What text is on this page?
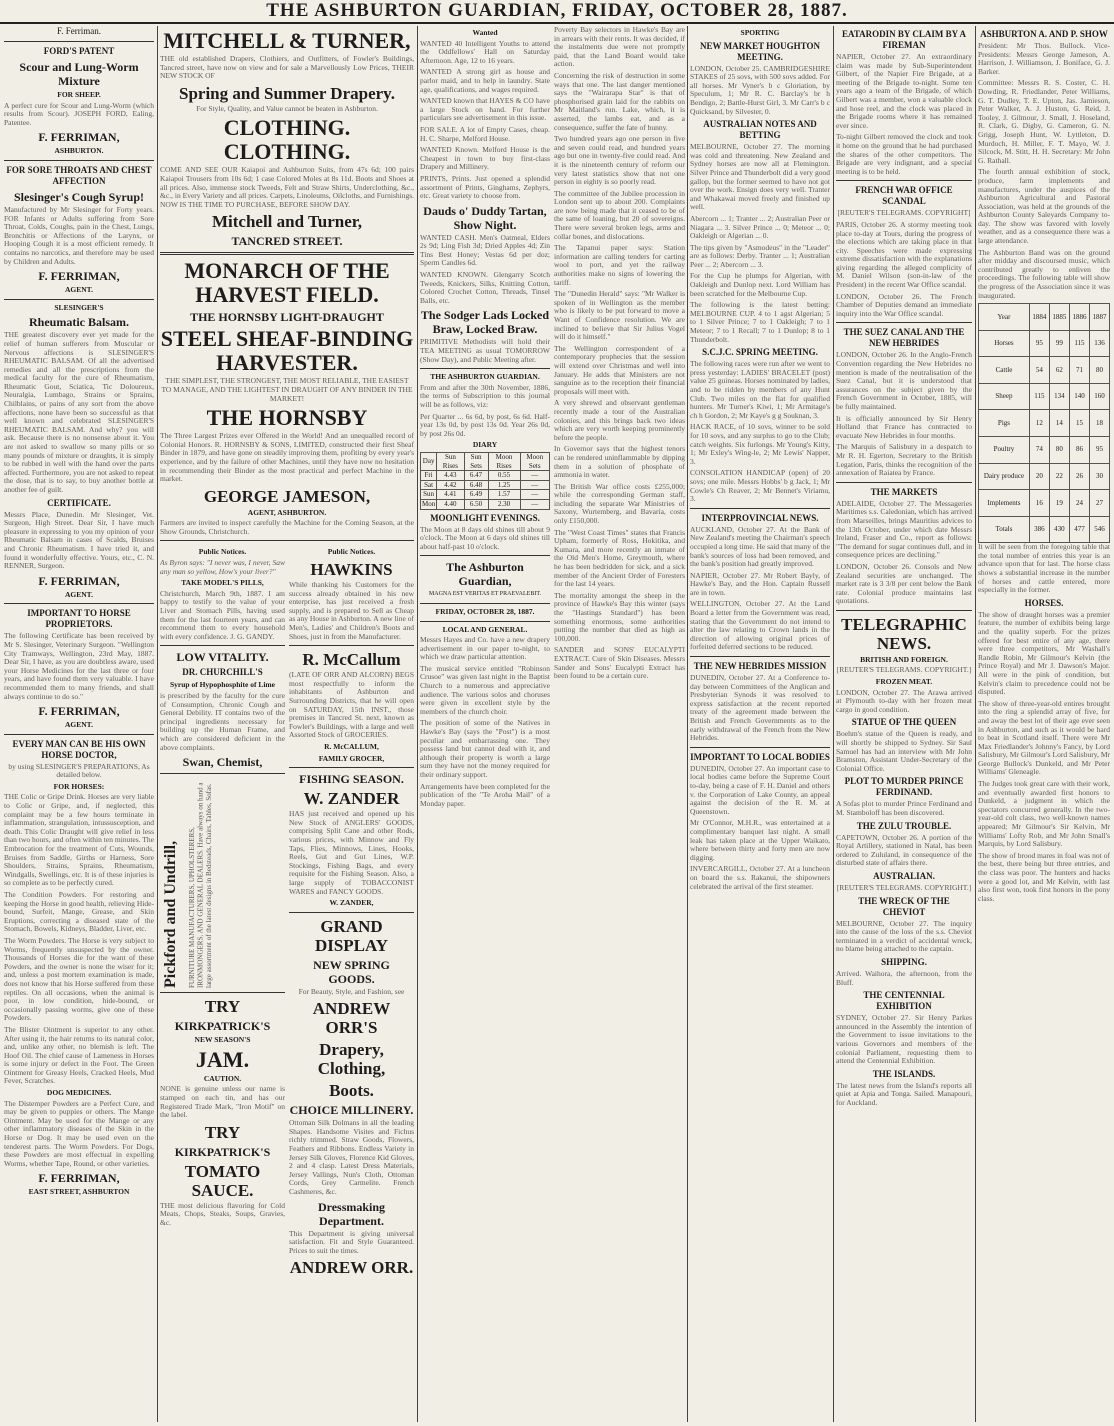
THE ASHBURTON GUARDIAN, FRIDAY, OCTOBER 28, 1887.
F. Ferriman.
FORD'S PATENT
Scour and Lung-Worm Mixture
FOR SHEEP.

A perfect cure for Scour and Lung-Worm (which results from Scour). JOSEPH FORD, Ealing, Patentee.

F. FERRIMAN,
ASHBURTON.
FOR SORE THROATS AND CHEST AFFECTION
Slesinger's Cough Syrup!

Manufactured by Mr Slesinger for Forty years. FOR Infants or Adults suffering from Sore Throat, Colds, Coughs, pain in the Chest, Lungs, Bronchitis or Affections of the Larynx, or Hooping Cough it is a most efficient remedy. It contains no narcotics, and therefore may be used by Children and Adults.

F. FERRIMAN,
AGENT.
SLESINGER'S
Rheumatic Balsam.

THE greatest discovery ever yet made for the relief of human sufferers from Muscular or Nervous affections is SLESINGER'S RHEUMATIC BALSAM. Of all the advertised remedies and all the prescriptions from the medical faculty for the cure of Rheumatism, Rheumatic Gout, Sciatica, Tic Doloureux, Neuralgia, Lumbago, Strains or Sprains, Chilblains, or pains of any sort from the above affections, none have been so successful as that well known and celebrated SLESINGER'S RHEUMATIC BALSAM. And why? you will ask. Because there is no nonsense about it. You are not asked to swallow so many pills or so many pounds of mixture or draughts, it is simply to be rubbed in well with the hand over the parts affected. Furthermore, you are not asked to repeat the dose, that is to say, to buy another bottle at another fee of guilt.

CERTIFICATE.

Messrs Place, Dunedin. Mr Slesinger, Vet. Surgeon, High Street. Dear Sir, I have much pleasure in expressing to you my opinion of your Rheumatic Balsam in cases of Scalds, Bruises and Chronic Rheumatism. I have tried it, and found it wonderfully effective. Yours, etc., C. N. RENNER, Surgeon.

F. FERRIMAN,
AGENT.
IMPORTANT TO HORSE PROPRIETORS.

The following Certificate has been received by Mr S. Slesinger, Veterinary Surgeon. "Wellington City Tramways, Wellington, 23rd May, 1887. Dear Sir, I have, as you are doubtless aware, used your Horse Medicines for the last three or four years, and have found them very valuable. I have recommended them to many friends, and shall always continue to do so."

F. FERRIMAN,
AGENT.
EVERY MAN CAN BE HIS OWN HORSE DOCTOR,

by using SLESINGER'S PREPARATIONS, As detailed below.

FOR HORSES:

THE Colic or Gripe Drink. Horses are very liable to Colic or Gripe, and, if neglected, this complaint may be a few hours terminate in inflammation, strangulation, intussusception, and death. This Colic Draught will give relief in less than two hours, and often within ten minutes. The Embrocation for the treatment of Cuts, Wounds, Bruises from Saddle, Girths or Harness, Sore Shoulders, Strains, Sprains, Rheumatism, Windgalls, Swellings, etc. It is of these injuries is so complete as to be perfectly cured.

The Condition Powders. For restoring and keeping the Horse in good health, relieving Hide-bound, Surfeit, Mange, Grease, and Skin Eruptions, correcting a diseased state of the Stomach, Bowels, Kidneys, Bladder, Liver, etc.

The Worm Powders. The Horse is very subject to Worms, frequently unsuspected by the owner. Thousands of Horses die for the want of these Powders, and the owner is none the wiser for it; and, unless a post mortem examination is made, does not know that his Horse suffered from these reptiles. On all occasions, when the animal is poor, in low condition, hide-bound, or occasionally passing worms, give one of these Powders.

The Blister Ointment is superior to any other. After using it, the hair returns to its natural color, and, unlike any other, no blemish is left. The Hoof Oil. The chief cause of Lameness in Horses is some injury or defect in the Foot. The Green Ointment for Greasy Heels, Cracked Heels, Mud Fever, Scratches.

DOG MEDICINES.

The Distemper Powders are a Perfect Cure, and may be given to puppies or others. The Mange Ointment. May be used for the Mange or any other inflammatory diseases of the Skin in the Horse or Dog. It may be used even on the tenderest parts. The Worm Powders. For Dogs, these Powders are most effectual in expelling Worms, whether Tape, Round, or other varieties.

F. FERRIMAN,
EAST STREET, ASHBURTON
MITCHELL & TURNER,

THE old established Drapers, Clothiers, and Outfitters, of Fowler's Buildings, Tancred street, have now on view and for sale a Marvellously Low Prices, THEIR NEW STOCK OF

Spring and Summer Drapery.

For Style, Quality, and Value cannot be beaten in Ashburton.

CLOTHING. CLOTHING.

COME AND SEE OUR Kaiapoi and Ashburton Suits, from 47s 6d; 100 pairs Kaiapoi Trousers from 10s 6d; 1 case Colored Moles at 8s 11d. Boots and Shoes at all prices. Also, immense stock Tweeds, Felt and Straw Shirts, Underclothing, &c., &c., in Every Variety and all prices. Carpets, Linoleums, Oilcloths, and Furnishings. NOW IS THE TIME TO PURCHASE, BEFORE SHOW DAY.

Mitchell and Turner,
TANCRED STREET.
MONARCH OF THE HARVEST FIELD.
THE HORNSBY LIGHT-DRAUGHT
STEEL SHEAF-BINDING HARVESTER.

THE SIMPLEST, THE STRONGEST, THE MOST RELIABLE, THE EASIEST TO MANAGE, AND THE LIGHTEST IN DRAUGHT OF ANY BINDER IN THE MARKET!

THE HORNSBY

The Three Largest Prizes ever Offered in the World! And an unequalled record of Colonial Honors. R. HORNSBY & SONS, LIMITED, constructed their first Sheaf Binder in 1879, and have gone on steadily improving them, profiting by every year's experience, and by the failure of other Machines, until they have now no hesitation in recommending their Binder as the most practical and perfect Machine in the market.

GEORGE JAMESON,
AGENT, ASHBURTON.

Farmers are invited to inspect carefully the Machine for the Coming Season, at the Show Grounds, Christchurch.

Public Notices.

As Byron says: "I never was, I never, Saw any man so yellow, How's your liver?"

TAKE MODEL'S PILLS,

Christchurch, March 9th, 1887. I am happy to testify to the value of your Liver and Stomach Pills, having used them for the last fourteen years, and can recommend them to every household with every confidence. J. G. GANDY.

LOW VITALITY.
DR. CHURCHILL'S
Syrup of Hypophosphite of Lime

is prescribed by the faculty for the cure of Consumption, Chronic Cough and General Debility. IT contains two of the principal ingredients necessary for building up the Human Frame, and which are considered deficient in the above complaints.

Swan, Chemist,
Pickford and Undrill, FURNITURE MANUFACTURERS, UPHOLSTERERS, IRONMONGERS, AND GENERAL DEALERS. Have always on hand a large assortment of the latest designs in Bedsteads, Chairs, Tables, Sofas.
TRY
KIRKPATRICK'S
NEW SEASON'S
JAM.
CAUTION.

NONE is genuine unless our name is stamped on each tin, and has our Registered Trade Mark, "Iron Motif" on the label.

TRY
KIRKPATRICK'S
TOMATO SAUCE.

THE most delicious flavoring for Cold Meats, Chops, Steaks, Soups, Gravies, &c.

Public Notices.
HAWKINS

While thanking his Customers for the success already obtained in his new enterprise, has just received a fresh supply, and is prepared to Sell as Cheap as any House in Ashburton. A new line of Men's, Ladies' and Children's Boots and Shoes, just in from the Manufacturer.

R. McCallum

(LATE OF ORR AND ALCORN) BEGS most respectfully to inform the inhabitants of Ashburton and Surrounding Districts, that he will open on SATURDAY, 15th INST., those premises in Tancred St. next, known as Fowler's Buildings, with a large and well Assorted Stock of GROCERIES.

R. McCALLUM,
FAMILY GROCER,
FISHING SEASON.
W. ZANDER

HAS just received and opened up his New Stock of ANGLERS' GOODS, comprising Split Cane and other Rods, various prices, with Minnow and Fly Taps, Flies, Minnows, Lines, Hooks, Reels, Gut and Gut Lines, W.P. Stockings, Fishing Bags, and every requisite for the Fishing Season. Also, a large supply of TOBACCONIST WARES and FANCY GOODS.

W. ZANDER,
GRAND DISPLAY
NEW SPRING GOODS.

For Beauty, Style, and Fashion, see

ANDREW ORR'S
Drapery, Clothing,
Boots.
CHOICE MILLINERY.

Ottoman Silk Dolmans in all the leading Shapes. Handsome Visites and Fichus richly trimmed. Straw Goods, Flowers, Feathers and Ribbons. Endless Variety in Jersey Silk Gloves, Florence Kid Gloves, 2 and 4 clasp. Latest Dress Materials, Jersey Vallings, Nun's Cloth, Ottoman Cords, Grey Carmelite. French Cashmeres, &c.

Dressmaking Department.

This Department is giving universal satisfaction. Fit and Style Guaranteed. Prices to suit the times.

ANDREW ORR.
Wanted

WANTED 40 Intelligent Youths to attend the Oddfellows' Hall on Saturday Afternoon. Age, 12 to 16 years.

WANTED A strong girl as house and parlor maid, and to help in laundry. State age, qualifications, and wages required.

WANTED known that HAYES & CO have a large Stock on hand. For further particulars see advertisement in this issue.

FOR SALE. A lot of Empty Cases, cheap. H. C. Sharpe, Melford House.

WANTED Known. Melford House is the Cheapest in town to buy first-class Drapery and Millinery.

PRINTS, Prints. Just opened a splendid assortment of Prints, Ginghams, Zephyrs, etc. Great variety to choose from.

Dauds o' Duddy Tartan, Show Night.

WANTED CASH. Men's Oatmeal, Elders 2s 9d; Ling Fish 3d; Dried Apples 4d; Zin Tins Best Honey; Vestas 6d per doz; Sperm Candles 6d.

WANTED KNOWN. Glengarry Scotch Tweeds, Knickers, Silks, Knitting Cotton, Colored Crochet Cotton, Threads, Tinsel Balls, etc.

The Sodger Lads Locked Braw, Locked Braw.

PRIMITIVE Methodists will hold their TEA MEETING as usual TOMORROW (Show Day), and Public Meeting after.

THE ASHBURTON GUARDIAN.

From and after the 30th November, 1886, the terms of Subscription to this journal will be as follows, viz:

Per Quarter ... 6s 6d, by post, 6s 6d. Half-year 13s 0d, by post 13s 0d. Year 26s 0d, by post 26s 0d.

DIARY
Day	Sun Rises	Sun Sets	Moon Rises	Moon Sets
Fri	4.43	6.47	0.55	—
Sat	4.42	6.48	1.25	—
Sun	4.41	6.49	1.57	—
Mon	4.40	6.50	2.30	—
MOONLIGHT EVENINGS.

The Moon at 8 days old shines till about 9 o'clock. The Moon at 6 days old shines till about half-past 10 o'clock.

The Ashburton Guardian,
MAGNA EST VERITAS ET PRAEVALEBIT.
FRIDAY, OCTOBER 28, 1887.
LOCAL AND GENERAL.

Messrs Hayes and Co. have a new drapery advertisement in our paper to-night, to which we draw particular attention.

The musical service entitled "Robinson Crusoe" was given last night in the Baptist Church to a numerous and appreciative audience. The various solos and choruses were given in excellent style by the members of the church choir.

The position of some of the Natives in Hawke's Bay (says the "Post") is a most peculiar and embarrassing one. They possess land but cannot deal with it, and although their property is worth a large sum they have not the money required for their ordinary support.

Arrangements have been completed for the publication of the "Te Aroha Mail" of a Monday paper.

Poverty Bay selectors in Hawke's Bay are in arrears with their rents. It was decided, if the instalments due were not promptly paid, that the Land Board would take action.

Concerning the risk of destruction in some ways that one. The last danger mentioned says the "Wairarapa Star" is that of phosphorised grain laid for the rabbits on Mr Maitland's run. Lake, which, it is asserted, the lambs eat, and as a consequence, suffer the fate of bunny.

Two hundred years ago one person in five and seven could read, and hundred years ago but one in twenty-five could read. And it is the nineteenth century of reform our very latest statistics show that not one person in eighty is so poorly read.

The committee of the Jubilee procession in London sent up to about 200. Complaints are now being made that it ceased to be of the same of loaning, but 20 of sovereigns. There were several broken legs, arms and collar bones, and dislocations.

The Tapanui paper says: Station information are calling tenders for carting wool to port, and yet the railway authorities make no signs of lowering the tariff.

The "Dunedin Herald" says: "Mr Walker is spoken of in Wellington as the member who is likely to be put forward to move a Want of Confidence resolution. We are inclined to believe that Sir Julius Vogel will do it himself."

The Wellington correspondent of a contemporary prophecies that the session will extend over Christmas and well into January. He adds that Ministers are not sanguine as to the reception their financial proposals will meet with.

A very shrewd and observant gentleman recently made a tour of the Australian colonies, and this brings back two ideas which are very worth keeping prominently before the people.

In Governor says that the highest tenors can be rendered uninflammable by dipping them in a solution of phosphate of ammonia in water.

The British War office costs £255,000; while the corresponding German staff, including the separate War Ministries of Saxony, Wurtemberg, and Bavaria, costs only £150,000.

The "West Coast Times" states that Francis Upham, formerly of Ross, Hokitika, and Kumara, and more recently an inmate of the Old Men's Home, Greymouth, where he has been bedridden for sick, and a sick member of the Ancient Order of Foresters for the last 14 years.

The mortality amongst the sheep in the province of Hawke's Bay this winter (says the "Hastings Standard") has been something enormous, some authorities putting the number that died as high as 100,000.

SANDER and SONS' EUCALYPTI EXTRACT. Cure of Skin Diseases. Messrs Sander and Sons' Eucalypti Extract has been found to be a certain cure.

SPORTING
NEW MARKET HOUGHTON MEETING.

LONDON, October 25. CAMBRIDGESHIRE STAKES of 25 sovs, with 500 sovs added. For all horses. Mr Vyner's b c Gloriation, by Speculum, 1; Mr R. C. Barclay's br h Bendigo, 2; Battle-Hurst Girl, 3. Mr Carr's b c Quicksand, by Silvester, 0.

AUSTRALIAN NOTES AND BETTING

MELBOURNE, October 27. The morning was cold and threatening. New Zealand and Sydney horses are now all at Flemington. Silver Prince and Thunderbolt did a very good gallop, but the former seemed to have not got over the work. Ensign does very well. Tranter and Whakawai moved freely and finished up well.

Abercorn ... 1; Tranter ... 2; Australian Peer or Niagara ... 3. Silver Prince ... 0; Meteor ... 0; Oakleigh or Algerian ... 0.

The tips given by "Asmodeus" in the "Leader" are as follows: Derby. Tranter ... 1; Australian Peer ... 2; Abercorn ... 3.

For the Cup he plumps for Algerian, with Oakleigh and Dunlop next. Lord William has been scratched for the Melbourne Cup.

The following is the latest betting: MELBOURNE CUP. 4 to 1 agst Algerian; 5 to 1 Silver Prince; 7 to 1 Oakleigh; 7 to 1 Meteor; 7 to 1 Recall; 7 to 1 Dunlop; 8 to 1 Thunderbolt.

S.C.J.C. SPRING MEETING.

The following races were run after we went to press yesterday: LADIES' BRACELET (post) value 25 guineas. Horses nominated by ladies, and to be ridden by members of any Hunt Club. Two miles on the flat for qualified hunters. Mr Turner's Kiwi, 1; Mr Armitage's ch h Gordon, 2; Mr Kaye's g g Souknan, 3.

HACK RACE, of 10 sovs, winner to be sold for 10 sovs, and any surplus to go to the Club; catch weights. Six furlongs. Mr Young's Kitty, 1; Mr Exley's Wing-le, 2; Mr Lewis' Napper, 3.

CONSOLATION HANDICAP (open) of 20 sovs; one mile. Messrs Hobbs' b g Jack, 1; Mr Cowle's Ch Reaver, 2; Mr Bennet's Viriamu, 3.

INTERPROVINCIAL NEWS.

AUCKLAND, October 27. At the Bank of New Zealand's meeting the Chairman's speech occupied a long time. He said that many of the bank's sources of loss had been removed, and the bank's position had greatly improved.

NAPIER, October 27. Mr Robert Bayly, of Hawke's Bay, and the Hon. Captain Russell are in town.

WELLINGTON, October 27. At the Land Board a letter from the Government was read, stating that the Government do not intend to alter the law relating to Crown lands in the direction of allowing original prices of forfeited deferred sections to be reduced.

THE NEW HEBRIDES MISSION

DUNEDIN, October 27. At a Conference to-day between Committees of the Anglican and Presbyterian Synods it was resolved to express satisfaction at the recent reported treaty of the agreement made between the British and French Governments as to the early withdrawal of the French from the New Hebrides.

IMPORTANT TO LOCAL BODIES

DUNEDIN, October 27. An important case to local bodies came before the Supreme Court to-day, being a case of F. H. Daniel and others v. the Corporation of Lake County, an appeal against the decision of the R. M. at Queenstown.

Mr O'Connor, M.H.R., was entertained at a complimentary banquet last night. A small leak has taken place at the Upper Waikato, where between thirty and forty men are now digging.

INVERCARGILL, October 27. At a luncheon on board the s.s. Rakanui, the shipowners celebrated the arrival of the first steamer.

EATARODIN BY CLAIM BY A FIREMAN

NAPIER, October 27. An extraordinary claim was made by Sub-Superintendent Gilbert, of the Napier Fire Brigade, at a meeting of the Brigade to-night. Some ten years ago a team of the Brigade, of which Gilbert was a member, won a valuable clock and hose reel, and the clock was placed in the Brigade rooms where it has remained ever since.

To-night Gilbert removed the clock and took it home on the ground that he had purchased the shares of the other competitors. The Brigade are very indignant, and a special meeting is to be held.

FRENCH WAR OFFICE SCANDAL

[REUTER'S TELEGRAMS. COPYRIGHT]

PARIS, October 26. A stormy meeting took place to-day at Tours, during the progress of the elections which are taking place in that city. Speeches were made expressing extreme dissatisfaction with the explanations giving regarding the alleged complicity of M. Daniel Wilson (son-in-law of the President) in the recent War Office scandal.

LONDON, October 26. The French Chamber of Deputies demand an immediate inquiry into the War Office scandal.

THE SUEZ CANAL AND THE NEW HEBRIDES

LONDON, October 26. In the Anglo-French Convention regarding the New Hebrides no mention is made of the neutralisation of the Suez Canal, but it is understood that assurances on the subject given by the French Government in October, 1885, will be fully maintained.

It is officially announced by Sir Henry Holland that France has contracted to evacuate New Hebrides in four months.

The Marquis of Salisbury in a despatch to Mr R. H. Egerton, Secretary to the British Legation, Paris, thinks the recognition of the annexation of Raiatea by France.

THE MARKETS

ADELAIDE, October 27. The Messageries Maritimes s.s. Caledonian, which has arrived from Marseilles, brings Mauritius advices to the 13th October, under which date Messrs Ireland, Fraser and Co., report as follows: "The demand for sugar continues dull, and in consequence prices are declining."

LONDON, October 26. Consols and New Zealand securities are unchanged. The market rate is 3 3/8 per cent below the Bank rate. Colonial produce maintains last quotations.

TELEGRAPHIC NEWS.
BRITISH AND FOREIGN.

[REUTER'S TELEGRAMS. COPYRIGHT.]

FROZEN MEAT.

LONDON, October 27. The Arawa arrived at Plymouth to-day with her frozen meat cargo in good condition.

STATUE OF THE QUEEN

Boehm's statue of the Queen is ready, and will shortly be shipped to Sydney. Sir Saul Samuel has had an interview with Mr John Bramston, Assistant Under-Secretary of the Colonial Office.

PLOT TO MURDER PRINCE FERDINAND.

A Sofas plot to murder Prince Ferdinand and M. Stamboloff has been discovered.

THE ZULU TROUBLE.

CAPETOWN, October 26. A portion of the Royal Artillery, stationed in Natal, has been ordered to Zululand, in consequence of the disturbed state of affairs there.

AUSTRALIAN.

[REUTER'S TELEGRAMS. COPYRIGHT.]

THE WRECK OF THE CHEVIOT

MELBOURNE, October 27. The inquiry into the cause of the loss of the s.s. Cheviot terminated in a verdict of accidental wreck, no blame being attached to the captain.

SHIPPING.

Arrived. Waihora, the afternoon, from the Bluff.

THE CENTENNIAL EXHIBITION

SYDNEY, October 27. Sir Henry Parkes announced in the Assembly the intention of the Government to issue invitations to the various Governors and members of the colonial Parliament, requesting them to attend the Centennial Exhibition.

THE ISLANDS.

The latest news from the Island's reports all quiet at Apia and Tonga. Sailed. Manapouri, for Auckland.

ASHBURTON A. AND P. SHOW

President: Mr Thos. Bullock. Vice-Presidents: Messrs George Jameson, A. Harrison, J. Williamson, J. Boniface, G. J. Barker.

Committee: Messrs R. S. Coster, C. H. Dowding, R. Friedlander, Peter Williams, G. T. Dudley, T. E. Upton, Jas. Jamieson, Peter Walker, A. J. Huston, G. Reid, J. Tooley, J. Gilmour, J. Small, J. Hoseland, R. Clark, G. Digby, G. Cameron, G. N. Grigg, Joseph Hunt, W. Lyttleton, D. Murdoch, H. Miller, F. T. Mayo, W. J. Silcock, M. Stitt, H. H. Secretary: Mr John G. Rathall.

The fourth annual exhibition of stock, produce, farm implements and manufactures, under the auspices of the Ashburton Agricultural and Pastoral Association, was held at the grounds of the Ashburton County Saleyards Company to-day. The show was favored with lovely weather, and as a consequence there was a large attendance.

The Ashburton Band was on the ground after midday and discoursed music, which contributed greatly to enliven the proceedings. The following table will show the progress of the Association since it was inaugurated.

Year	1884	1885	1886	1887
Horses	95	99	115	136
Cattle	54	62	71	80
Sheep	115	134	140	160
Pigs	12	14	15	18
Poultry	74	80	86	95
Dairy produce	20	22	26	30
Implements	16	19	24	27
Totals	386	430	477	546

It will be seen from the foregoing table that the total number of entries this year is an advance upon that for last. The horse class shows a substantial increase in the number of horses and cattle entered, more especially in the former.

HORSES.

The show of draught horses was a premier feature, the number of exhibits being large and the quality superb. For the prizes offered for best entire of any age, there were three competitors, Mr Washall's Randle Robin, Mr Gilmour's Kelvin (the Prince Royal) and Mr J. Dawson's Major. All were in the pink of condition, but Kelvin's claim to precedence could not be disputed.

The show of three-year-old entires brought into the ring a splendid array of five, for and away the best lot of their age ever seen in Ashburton, and such as it would be hard to beat in Scotland itself. There were Mr Max Friedlander's Johnny's Fancy, by Lord Salisbury, Mr Gilmour's Lord Salisbury, Mr George Bullock's Dunkeld, and Mr Peter Williams' Gleneagle.

The Judges took great care with their work, and eventually awarded first honors to Dunkeld, a judgment in which the spectators concurred generally. In the two-year-old colt class, two well-known names appeared; Mr Gilmour's Sir Kelvin, Mr Williams' Lofty Rob, and Mr John Small's Marquis, by Lord Salisbury.

The show of brood mares in foal was not of the best, there being but three entries, and the class was poor. The hunters and hacks were a good lot, and Mr Kelvin, with last also first won, took first honors in the pony class.
